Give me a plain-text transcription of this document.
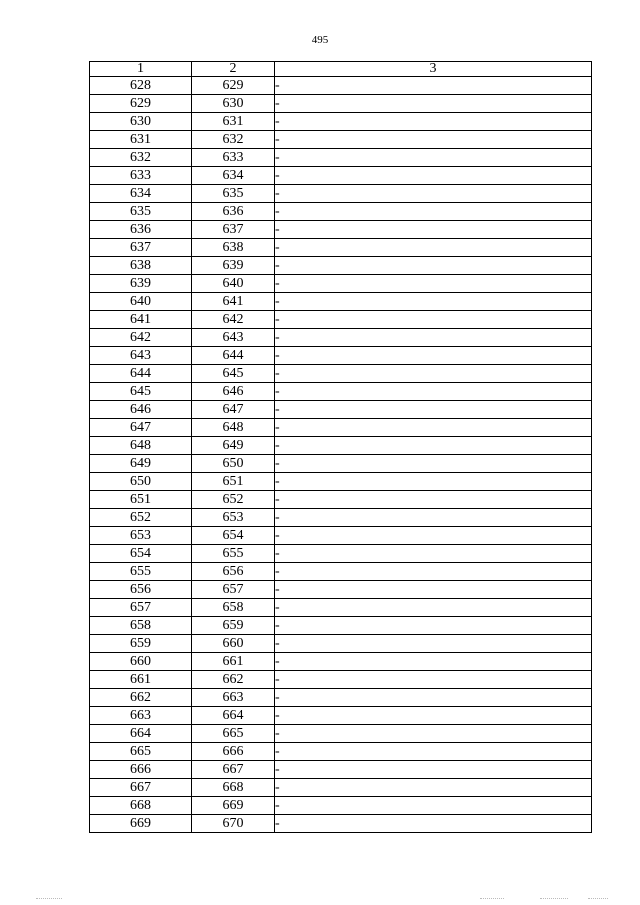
495
1	2	3
628	629	-
629	630	-
630	631	-
631	632	-
632	633	-
633	634	-
634	635	-
635	636	-
636	637	-
637	638	-
638	639	-
639	640	-
640	641	-
641	642	-
642	643	-
643	644	-
644	645	-
645	646	-
646	647	-
647	648	-
648	649	-
649	650	-
650	651	-
651	652	-
652	653	-
653	654	-
654	655	-
655	656	-
656	657	-
657	658	-
658	659	-
659	660	-
660	661	-
661	662	-
662	663	-
663	664	-
664	665	-
665	666	-
666	667	-
667	668	-
668	669	-
669	670	-
